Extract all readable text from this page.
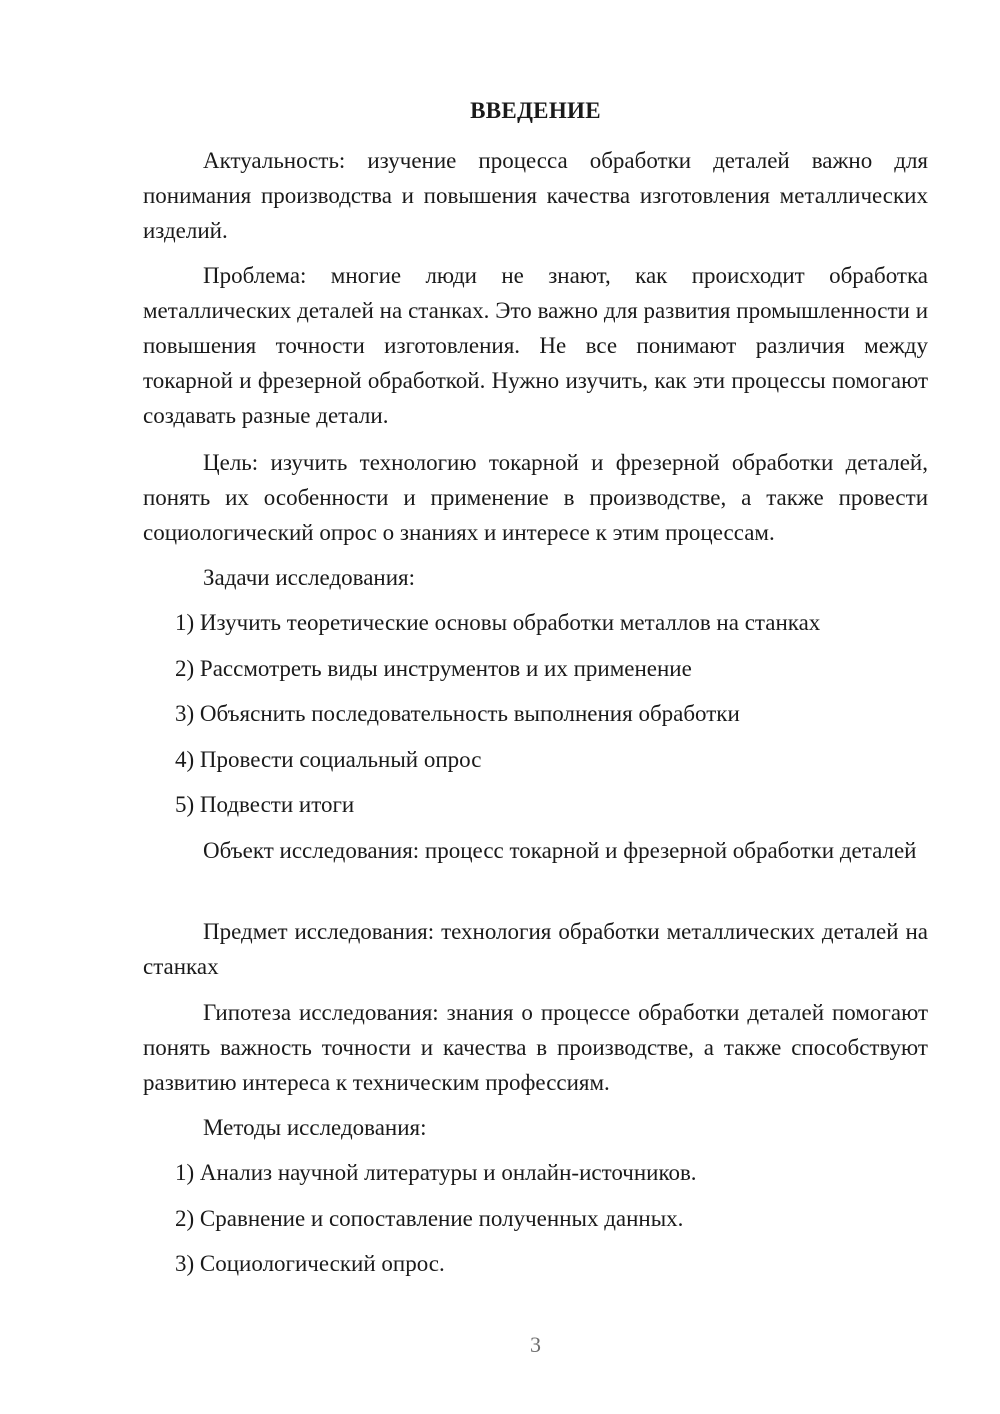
ВВЕДЕНИЕ

Актуальность: изучение процесса обработки деталей важно для понимания производства и повышения качества изготовления металлических изделий.

Проблема: многие люди не знают, как происходит обработка металлических деталей на станках. Это важно для развития промышленности и повышения точности изготовления. Не все понимают различия между токарной и фрезерной обработкой. Нужно изучить, как эти процессы помогают создавать разные детали.

Цель: изучить технологию токарной и фрезерной обработки деталей, понять их особенности и применение в производстве, а также провести социологический опрос о знаниях и интересе к этим процессам.

Задачи исследования:

1) Изучить теоретические основы обработки металлов на станках

2) Рассмотреть виды инструментов и их применение

3) Объяснить последовательность выполнения обработки

4) Провести социальный опрос

5) Подвести итоги

Объект исследования: процесс токарной и фрезерной обработки деталей

Предмет исследования: технология обработки металлических деталей на станках

Гипотеза исследования: знания о процессе обработки деталей помогают понять важность точности и качества в производстве, а также способствуют развитию интереса к техническим профессиям.

Методы исследования:

1) Анализ научной литературы и онлайн-источников.

2) Сравнение и сопоставление полученных данных.

3) Социологический опрос.

3
